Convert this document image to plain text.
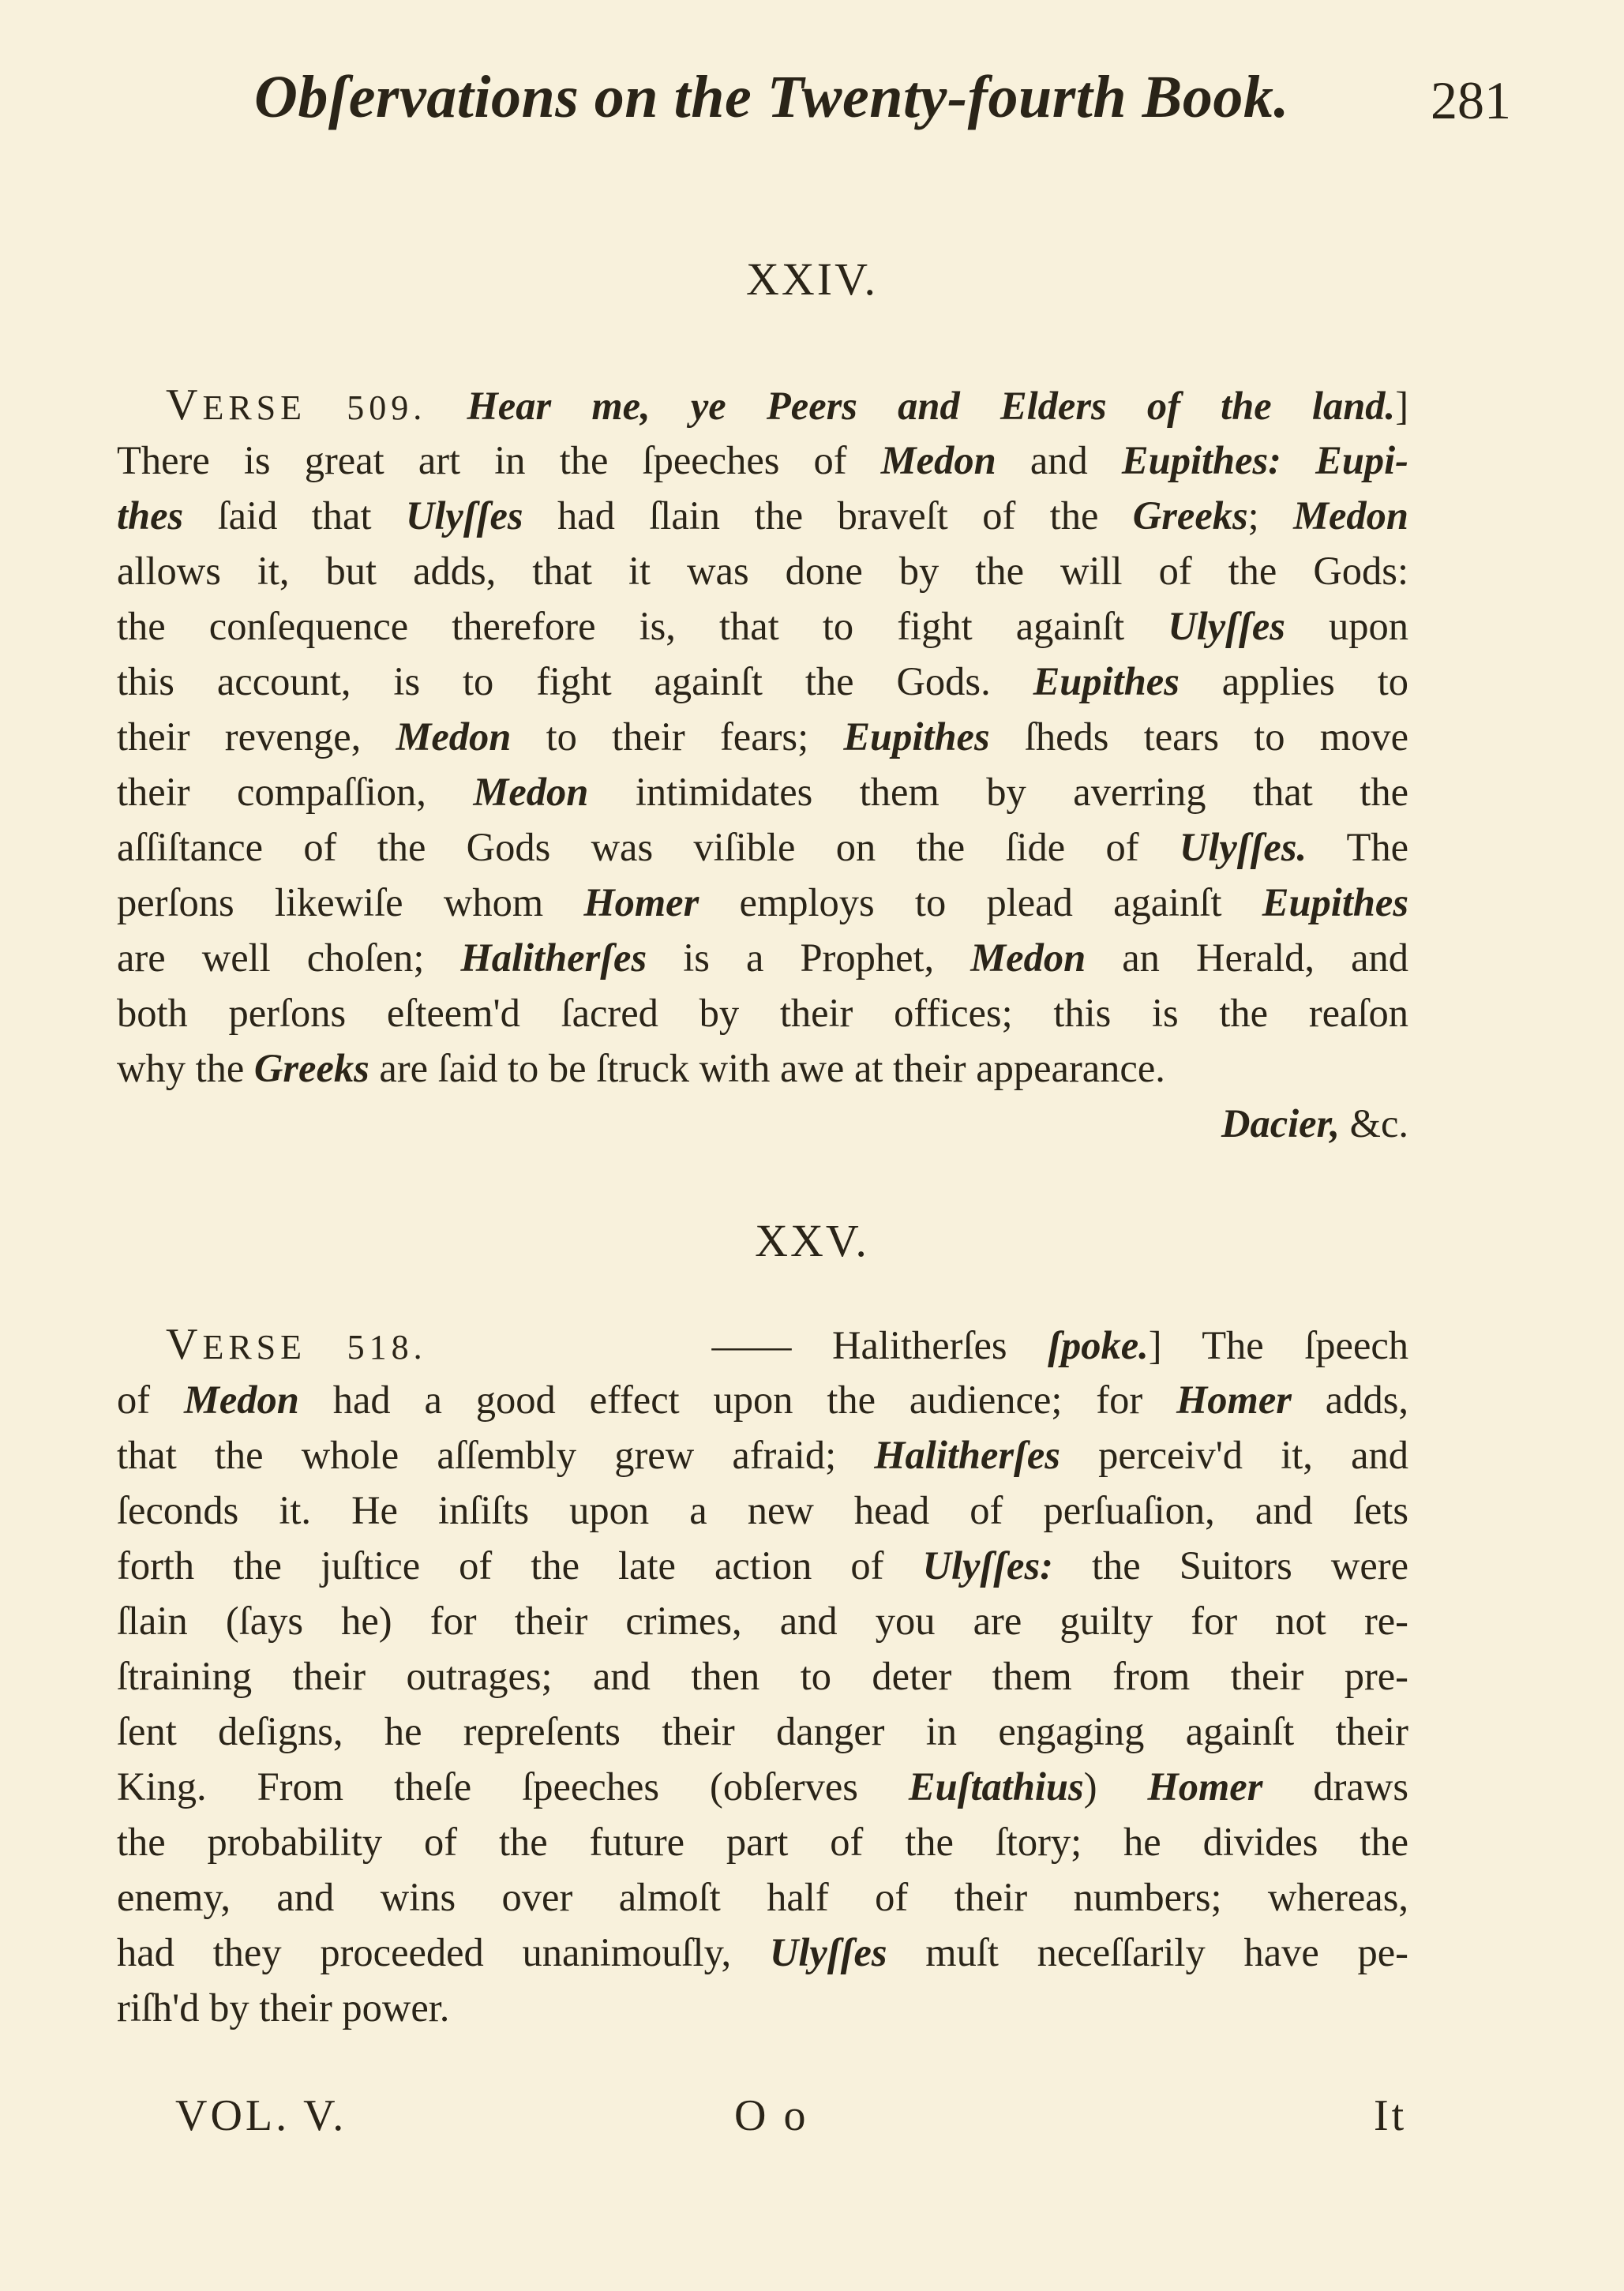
Obſervations on the Twenty-fourth Book.	281
XXIV.
VERSE 509. Hear me, ye Peers and Elders of the land.]
There is great art in the ſpeeches of Medon and Eupithes: Eupi-
thes ſaid that Ulyſſes had ſlain the braveſt of the Greeks; Medon
allows it, but adds, that it was done by the will of the Gods:
the conſequence therefore is, that to fight againſt Ulyſſes upon
this account, is to fight againſt the Gods. Eupithes applies to
their revenge, Medon to their fears; Eupithes ſheds tears to move
their compaſſion, Medon intimidates them by averring that the
aſſiſtance of the Gods was viſible on the ſide of Ulyſſes. The
perſons likewiſe whom Homer employs to plead againſt Eupithes
are well choſen; Halitherſes is a Prophet, Medon an Herald, and
both perſons eſteem'd ſacred by their offices; this is the reaſon
why the Greeks are ſaid to be ſtruck with awe at their appearance.
Dacier, &c.
XXV.
VERSE 518.	—— Halitherſes ſpoke.] The ſpeech
of Medon had a good effect upon the audience; for Homer adds,
that the whole aſſembly grew afraid; Halitherſes perceiv'd it, and
ſeconds it. He inſiſts upon a new head of perſuaſion, and ſets
forth the juſtice of the late action of Ulyſſes: the Suitors were
ſlain (ſays he) for their crimes, and you are guilty for not re-
ſtraining their outrages; and then to deter them from their pre-
ſent deſigns, he repreſents their danger in engaging againſt their
King. From theſe ſpeeches (obſerves Euſtathius) Homer draws
the probability of the future part of the ſtory; he divides the
enemy, and wins over almoſt half of their numbers; whereas,
had they proceeded unanimouſly, Ulyſſes muſt neceſſarily have pe-
riſh'd by their power.
VOL. V.	O o	It
